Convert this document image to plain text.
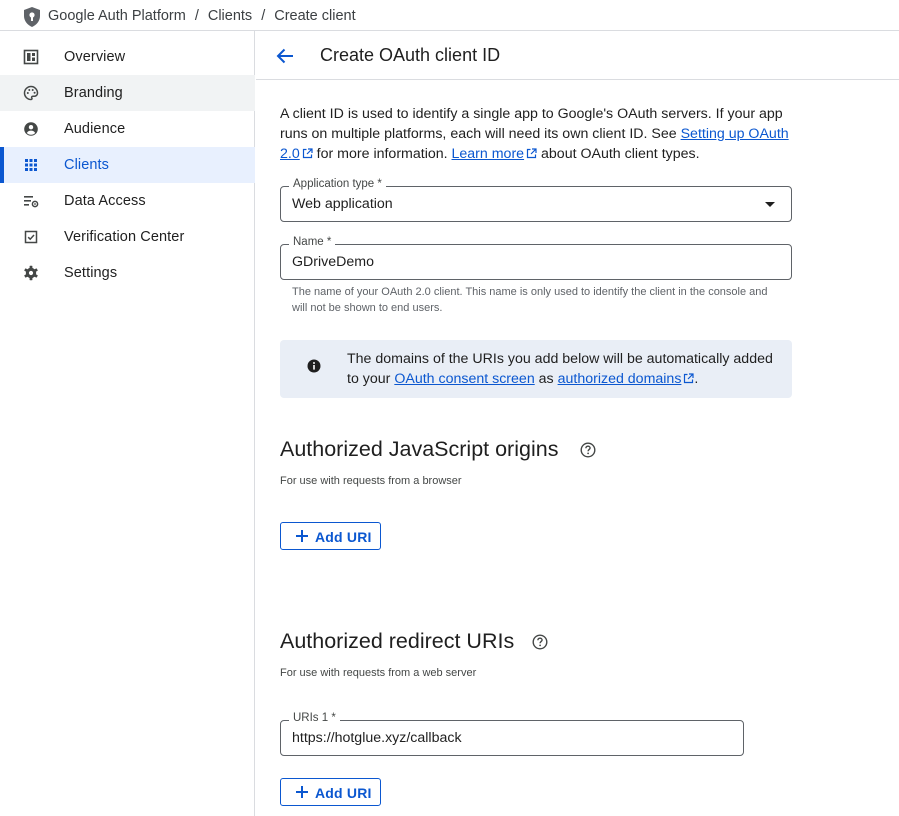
Google Auth Platform / Clients / Create client
Overview
Branding
Audience
Clients
Data Access
Verification Center
Settings
Create OAuth client ID
A client ID is used to identify a single app to Google's OAuth servers. If your app runs on multiple platforms, each will need its own client ID. See Setting up OAuth 2.0 for more information. Learn more about OAuth client types.
Application type *
Web application
Name *
GDriveDemo
The name of your OAuth 2.0 client. This name is only used to identify the client in the console and will not be shown to end users.
The domains of the URIs you add below will be automatically added to your OAuth consent screen as authorized domains .
Authorized JavaScript origins
For use with requests from a browser
Add URI
Authorized redirect URIs
For use with requests from a web server
URIs 1 *
https://hotglue.xyz/callback
Add URI
